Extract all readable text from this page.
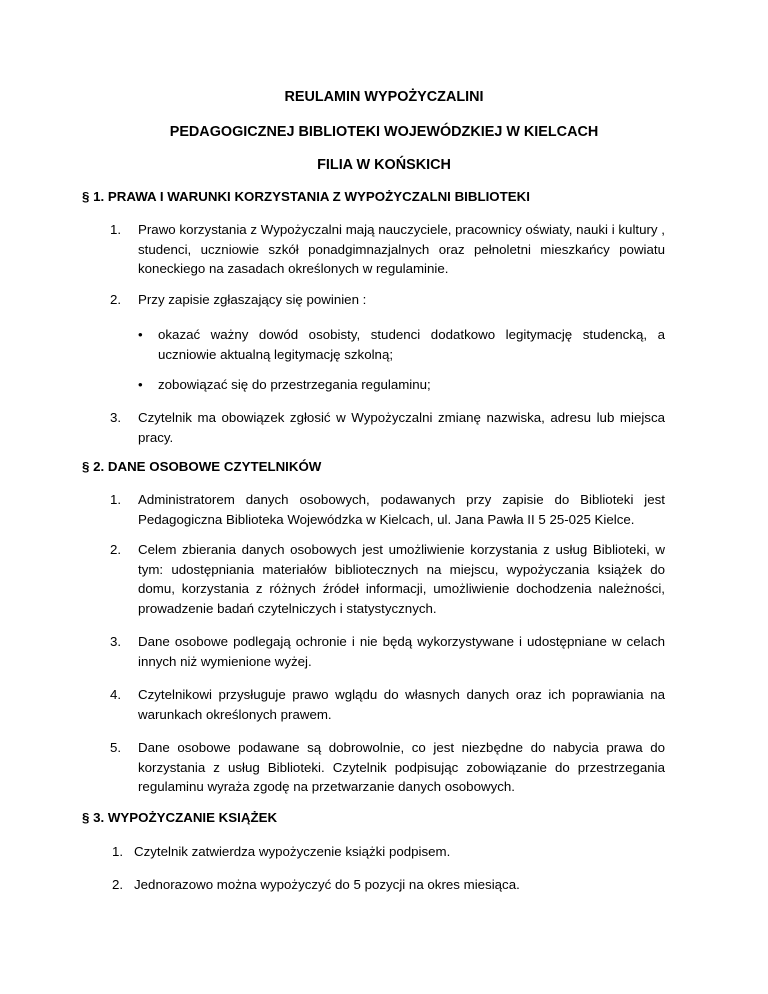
REULAMIN WYPOŻYCZALINI
PEDAGOGICZNEJ BIBLIOTEKI WOJEWÓDZKIEJ W KIELCACH
FILIA W KOŃSKICH
§ 1. PRAWA I WARUNKI KORZYSTANIA Z WYPOŻYCZALNI BIBLIOTEKI
1. Prawo korzystania z Wypożyczalni mają nauczyciele, pracownicy oświaty, nauki i kultury , studenci, uczniowie szkół ponadgimnazjalnych oraz pełnoletni mieszkańcy powiatu koneckiego na zasadach określonych w regulaminie.
2. Przy zapisie zgłaszający się powinien :
• okazać ważny dowód osobisty, studenci dodatkowo legitymację studencką, a uczniowie aktualną legitymację szkolną;
• zobowiązać się do przestrzegania regulaminu;
3. Czytelnik ma obowiązek zgłosić w Wypożyczalni zmianę nazwiska, adresu lub miejsca pracy.
§ 2. DANE OSOBOWE CZYTELNIKÓW
1. Administratorem danych osobowych, podawanych przy zapisie do Biblioteki jest Pedagogiczna Biblioteka Wojewódzka w Kielcach, ul. Jana Pawła II 5 25-025 Kielce.
2. Celem zbierania danych osobowych jest umożliwienie korzystania z usług Biblioteki, w tym: udostępniania materiałów bibliotecznych na miejscu, wypożyczania książek do domu, korzystania z różnych źródeł informacji, umożliwienie dochodzenia należności, prowadzenie badań czytelniczych i statystycznych.
3. Dane osobowe podlegają ochronie i nie będą wykorzystywane i udostępniane w celach innych niż wymienione wyżej.
4. Czytelnikowi przysługuje prawo wglądu do własnych danych oraz ich poprawiania na warunkach określonych prawem.
5. Dane osobowe podawane są dobrowolnie, co jest niezbędne do nabycia prawa do korzystania z usług Biblioteki. Czytelnik podpisując zobowiązanie do przestrzegania regulaminu wyraża zgodę na przetwarzanie danych osobowych.
§ 3. WYPOŻYCZANIE KSIĄŻEK
1. Czytelnik zatwierdza wypożyczenie książki podpisem.
2. Jednorazowo można wypożyczyć do 5 pozycji na okres miesiąca.
